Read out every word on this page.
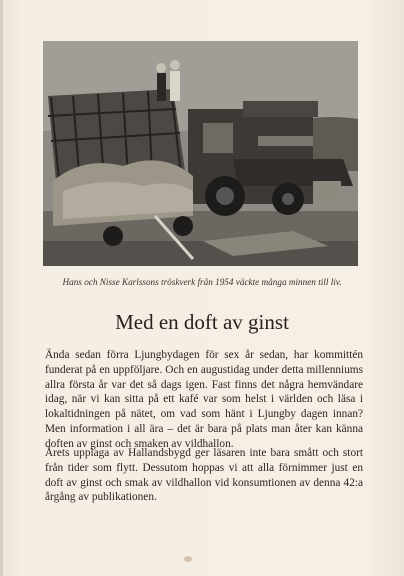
Hans och Nisse Karlssons tröskverk från 1954 väckte många minnen till liv.
Med en doft av ginst

Ända sedan förra Ljungbydagen för sex år sedan, har kommittén funderat på en uppföljare. Och en augustidag under detta millenniums allra första år var det så dags igen. Fast finns det några hemvändare idag, när vi kan sitta på ett kafé var som helst i världen och läsa i lokaltidningen på nätet, om vad som hänt i Ljungby dagen innan? Men information i all ära – det är bara på plats man åter kan känna doften av ginst och smaken av vildhallon.

Årets upplaga av Hallandsbygd ger läsaren inte bara smått och stort från tider som flytt. Dessutom hoppas vi att alla förnimmer just en doft av ginst och smak av vildhallon vid konsumtionen av denna 42:a årgång av publikationen.
